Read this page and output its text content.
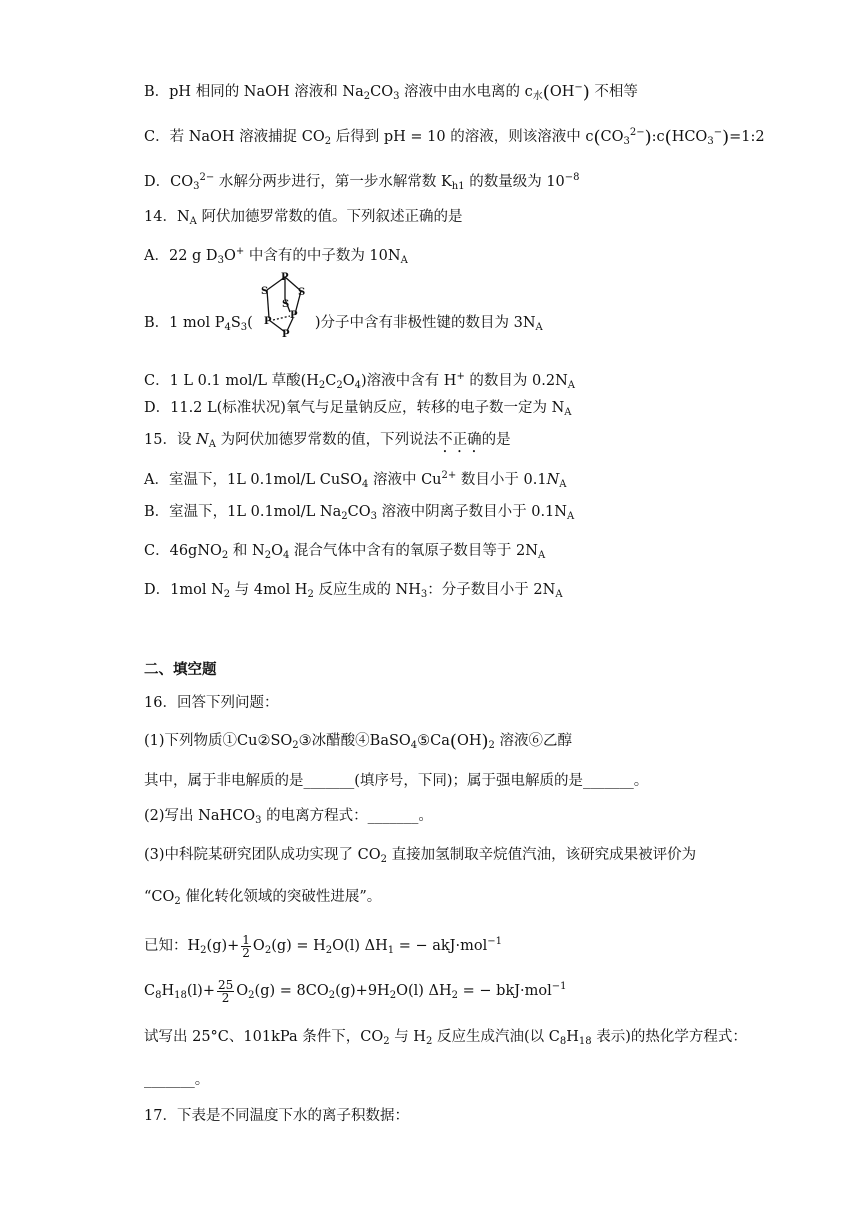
B．pH 相同的 NaOH 溶液和 $Na_2CO_3$ 溶液中由水电离的 $c_水(OH^-)$ 不相等
C．若 NaOH 溶液捕捉 $CO_2$ 后得到 pH = 10 的溶液，则该溶液中 $c(CO_3^{2-}):c(HCO_3^-)=1:2$
D．$CO_3^{2-}$ 水解分两步进行，第一步水解常数 $K_{h1}$ 的数量级为 $10^{-8}$
14．$N_A$ 阿伏加德罗常数的值。下列叙述正确的是
A．22 g $D_3O^+$ 中含有的中子数为 $10N_A$
B．1 mol $P_4S_3$(
P
S	S
S
P
P
P
)分子中含有非极性键的数目为 $3N_A$
C．1 L 0.1 mol/L 草酸$(H_2C_2O_4)$溶液中含有 H+ 的数目为 $0.2N_A$
D．11.2 L(标准状况)氧气与足量钠反应，转移的电子数一定为 $N_A$
15．设 $N_A$ 为阿伏加德罗常数的值，下列说法不正确的是
A．室温下，1L 0.1mol/L CuSO$_4$ 溶液中 $Cu^{2+}$ 数目小于 $0.1N_A$
B．室温下，1L 0.1mol/L $Na_2CO_3$ 溶液中阴离子数目小于 $0.1N_A$
C．46gNO$_2$ 和 $N_2O_4$ 混合气体中含有的氧原子数目等于 $2N_A$
D．1mol $N_2$ 与 4mol $H_2$ 反应生成的 $NH_3$：分子数目小于 $2N_A$
二、填空题
16．回答下列问题：
(1)下列物质$①Cu②SO_2③$冰醋酸$④BaSO_4⑤Ca(OH)_2$ 溶液⑥乙醇
其中，属于非电解质的是_______(填序号，下同)；属于强电解质的是_______。
(2)写出 NaHCO$_3$ 的电离方程式：_______。
(3)中科院某研究团队成功实现了 $CO_2$ 直接加氢制取辛烷值汽油，该研究成果被评价为
“$CO_2$ 催化转化领域的突破性进展”。
已知：$H_2(g)+ \frac{1}{2} O_2(g) = H_2O(l) \Delta H_1$ = − akJ·mol$^{-1}$
$C_8H_{18}(l)+ \frac{25}{2} O_2(g) = 8CO_2(g)+9H_2O(l) \Delta H_2$ = − bkJ·mol$^{-1}$
试写出 25°C、101kPa 条件下，$CO_2$ 与 $H_2$ 反应生成汽油(以 $C_8H_{18}$ 表示)的热化学方程式：
_______。
17．下表是不同温度下水的离子积数据：
